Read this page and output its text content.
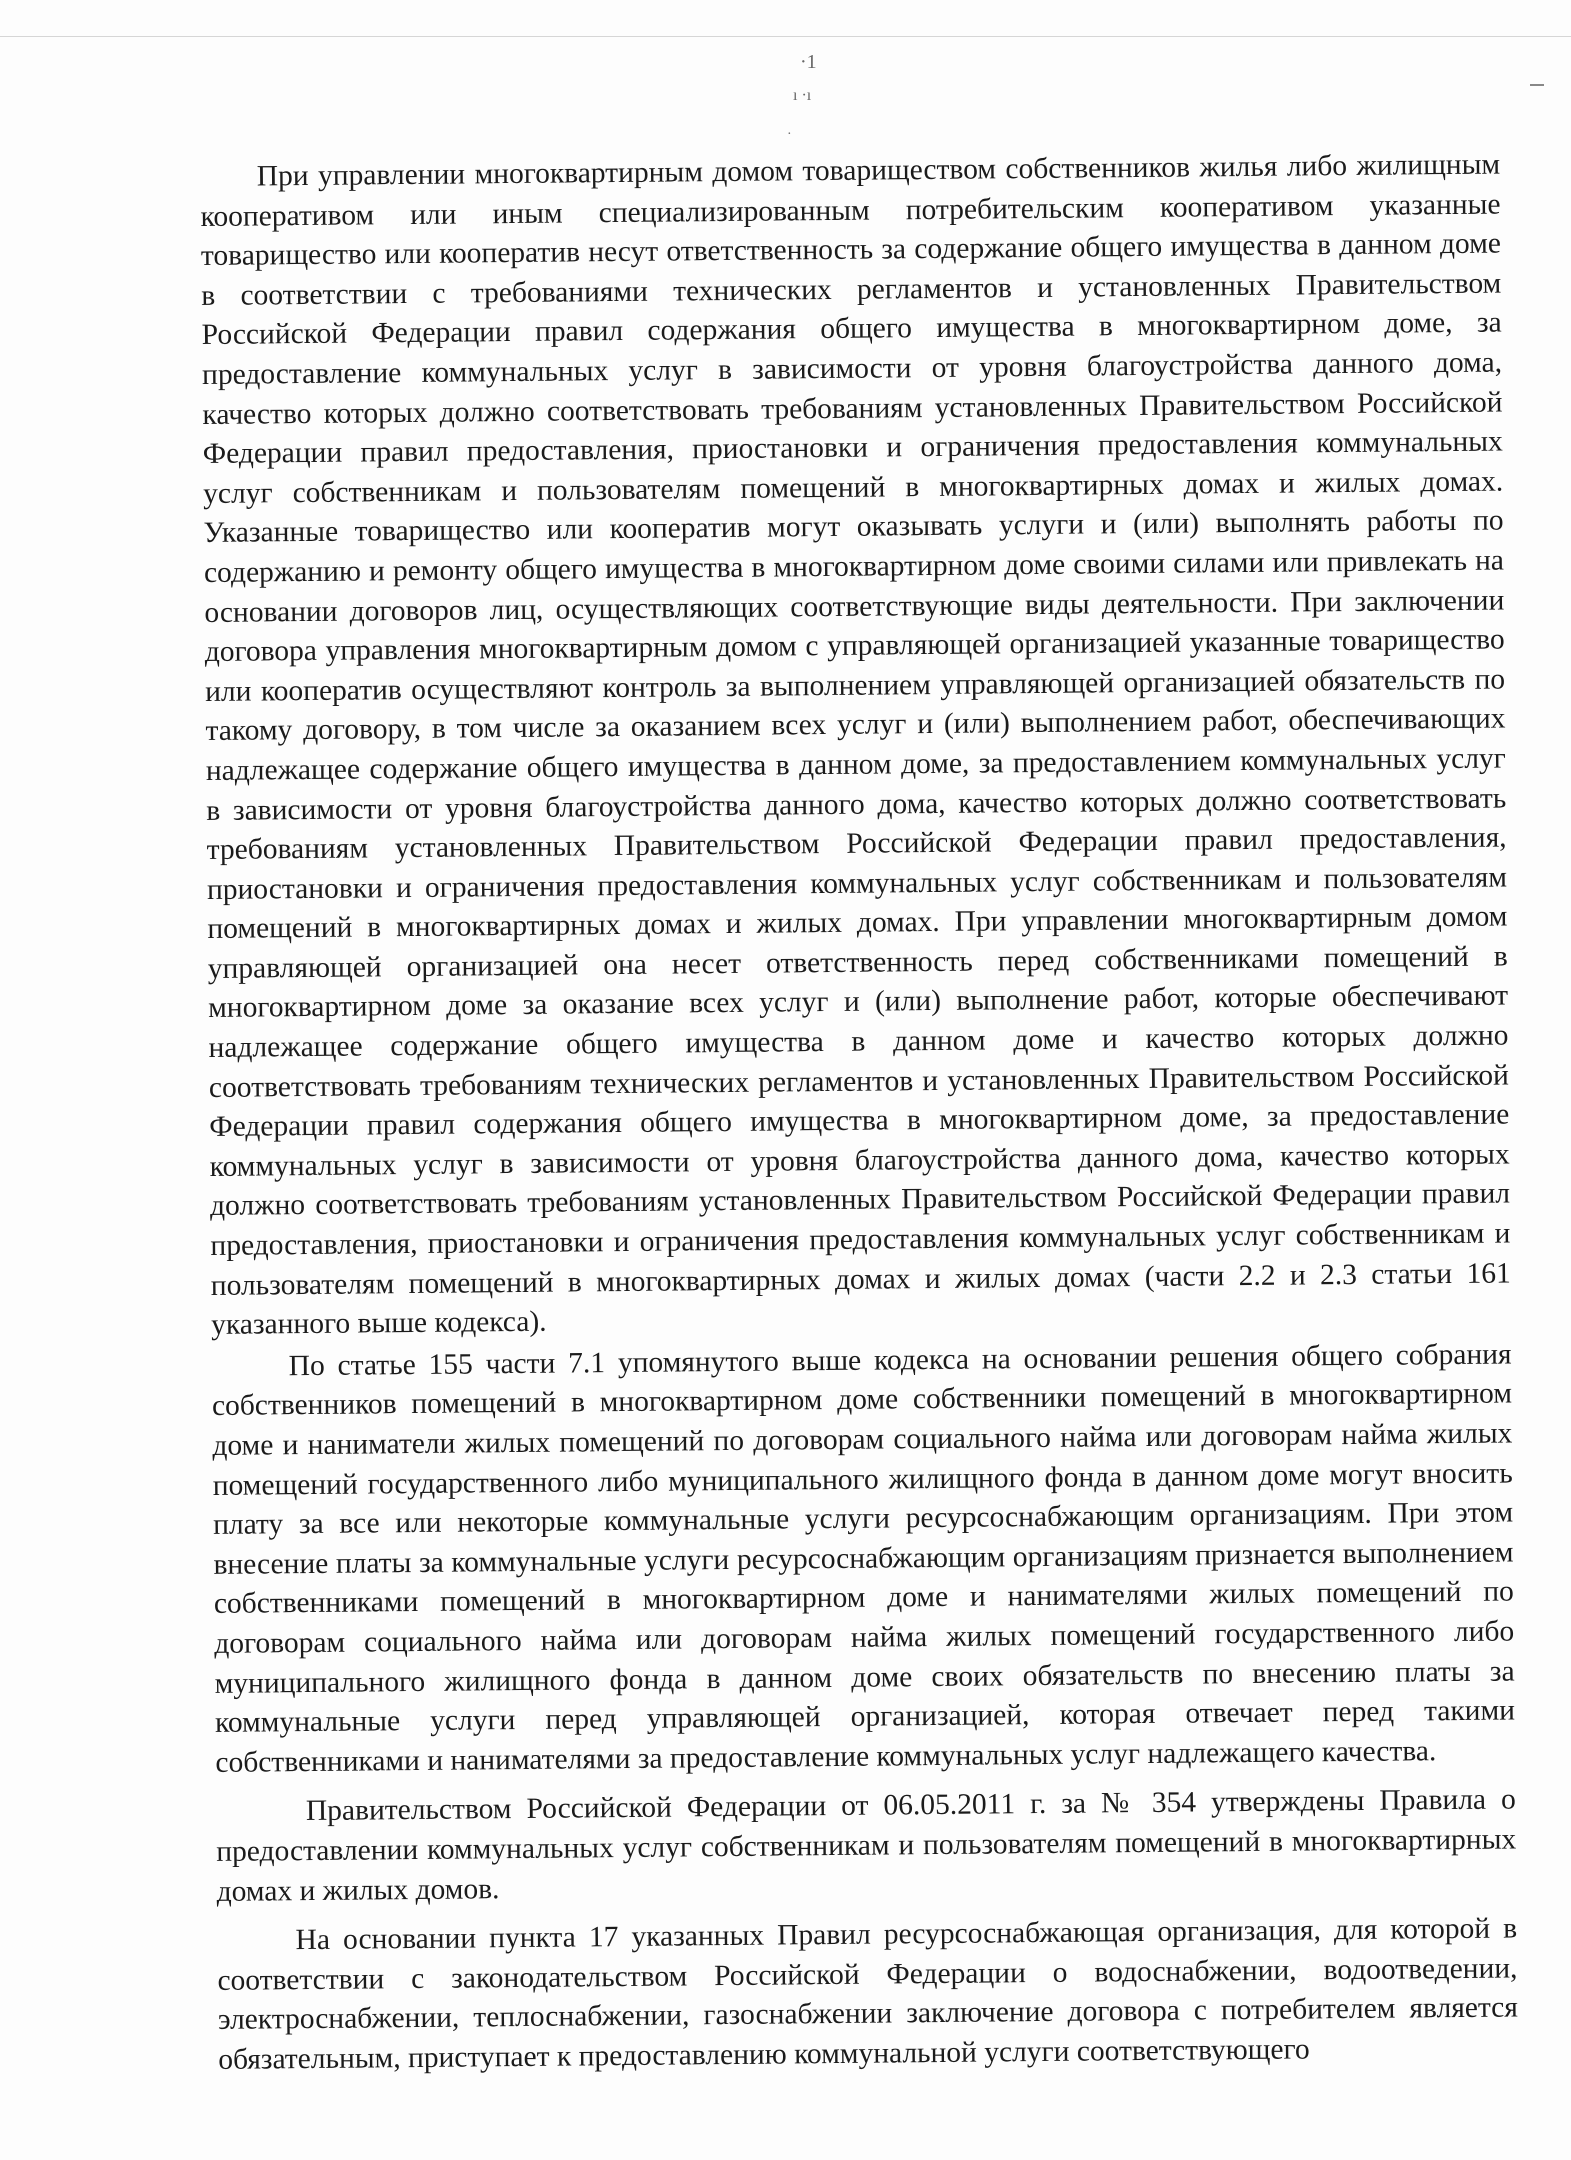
·1
ı ·ı
·

При управлении многоквартирным домом товариществом собственников жилья либо жилищным кооперативом или иным специализированным потребительским кооперативом указанные товарищество или кооператив несут ответственность за содержание общего имущества в данном доме в соответствии с требованиями технических регламентов и установленных Правительством Российской Федерации правил содержания общего имущества в многоквартирном доме, за предоставление коммунальных услуг в зависимости от уровня благоустройства данного дома, качество которых должно соответствовать требованиям установленных Правительством Российской Федерации правил предоставления, приостановки и ограничения предоставления коммунальных услуг собственникам и пользователям помещений в многоквартирных домах и жилых домах. Указанные товарищество или кооператив могут оказывать услуги и (или) выполнять работы по содержанию и ремонту общего имущества в многоквартирном доме своими силами или привлекать на основании договоров лиц, осуществляющих соответствующие виды деятельности. При заключении договора управления многоквартирным домом с управляющей организацией указанные товарищество или кооператив осуществляют контроль за выполнением управляющей организацией обязательств по такому договору, в том числе за оказанием всех услуг и (или) выполнением работ, обеспечивающих надлежащее содержание общего имущества в данном доме, за предоставлением коммунальных услуг в зависимости от уровня благоустройства данного дома, качество которых должно соответствовать требованиям установленных Правительством Российской Федерации правил предоставления, приостановки и ограничения предоставления коммунальных услуг собственникам и пользователям помещений в многоквартирных домах и жилых домах. При управлении многоквартирным домом управляющей организацией она несет ответственность перед собственниками помещений в многоквартирном доме за оказание всех услуг и (или) выполнение работ, которые обеспечивают надлежащее содержание общего имущества в данном доме и качество которых должно соответствовать требованиям технических регламентов и установленных Правительством Российской Федерации правил содержания общего имущества в многоквартирном доме, за предоставление коммунальных услуг в зависимости от уровня благоустройства данного дома, качество которых должно соответствовать требованиям установленных Правительством Российской Федерации правил предоставления, приостановки и ограничения предоставления коммунальных услуг собственникам и пользователям помещений в многоквартирных домах и жилых домах (части 2.2 и 2.3 статьи 161 указанного выше кодекса).

По статье 155 части 7.1 упомянутого выше кодекса на основании решения общего собрания собственников помещений в многоквартирном доме собственники помещений в многоквартирном доме и наниматели жилых помещений по договорам социального найма или договорам найма жилых помещений государственного либо муниципального жилищного фонда в данном доме могут вносить плату за все или некоторые коммунальные услуги ресурсоснабжающим организациям. При этом внесение платы за коммунальные услуги ресурсоснабжающим организациям признается выполнением собственниками помещений в многоквартирном доме и нанимателями жилых помещений по договорам социального найма или договорам найма жилых помещений государственного либо муниципального жилищного фонда в данном доме своих обязательств по внесению платы за коммунальные услуги перед управляющей организацией, которая отвечает перед такими собственниками и нанимателями за предоставление коммунальных услуг надлежащего качества.

Правительством Российской Федерации от 06.05.2011 г. за № 354 утверждены Правила о предоставлении коммунальных услуг собственникам и пользователям помещений в многоквартирных домах и жилых домов.

На основании пункта 17 указанных Правил ресурсоснабжающая организация, для которой в соответствии с законодательством Российской Федерации о водоснабжении, водоотведении, электроснабжении, теплоснабжении, газоснабжении заключение договора с потребителем является обязательным, приступает к предоставлению коммунальной услуги соответствующего
